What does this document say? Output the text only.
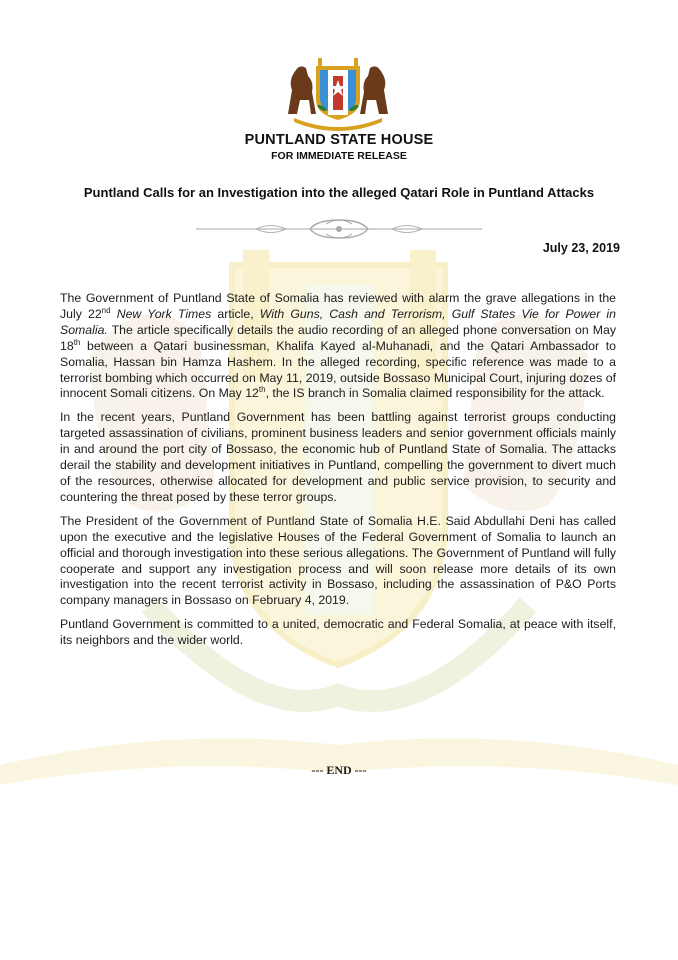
PUNTLAND STATE HOUSE
FOR IMMEDIATE RELEASE
Puntland Calls for an Investigation into the alleged Qatari Role in Puntland Attacks
July 23, 2019

The Government of Puntland State of Somalia has reviewed with alarm the grave allegations in the July 22nd New York Times article, With Guns, Cash and Terrorism, Gulf States Vie for Power in Somalia. The article specifically details the audio recording of an alleged phone conversation on May 18th between a Qatari businessman, Khalifa Kayed al-Muhanadi, and the Qatari Ambassador to Somalia, Hassan bin Hamza Hashem. In the alleged recording, specific reference was made to a terrorist bombing which occurred on May 11, 2019, outside Bossaso Municipal Court, injuring dozes of innocent Somali citizens. On May 12th, the IS branch in Somalia claimed responsibility for the attack.

In the recent years, Puntland Government has been battling against terrorist groups conducting targeted assassination of civilians, prominent business leaders and senior government officials mainly in and around the port city of Bossaso, the economic hub of Puntland State of Somalia. The attacks derail the stability and development initiatives in Puntland, compelling the government to divert much of the resources, otherwise allocated for development and public service provision, to security and countering the threat posed by these terror groups.

The President of the Government of Puntland State of Somalia H.E. Said Abdullahi Deni has called upon the executive and the legislative Houses of the Federal Government of Somalia to launch an official and thorough investigation into these serious allegations. The Government of Puntland will fully cooperate and support any investigation process and will soon release more details of its own investigation into the recent terrorist activity in Bossaso, including the assassination of P&O Ports company managers in Bossaso on February 4, 2019.

Puntland Government is committed to a united, democratic and Federal Somalia, at peace with itself, its neighbors and the wider world.

--- END ---
